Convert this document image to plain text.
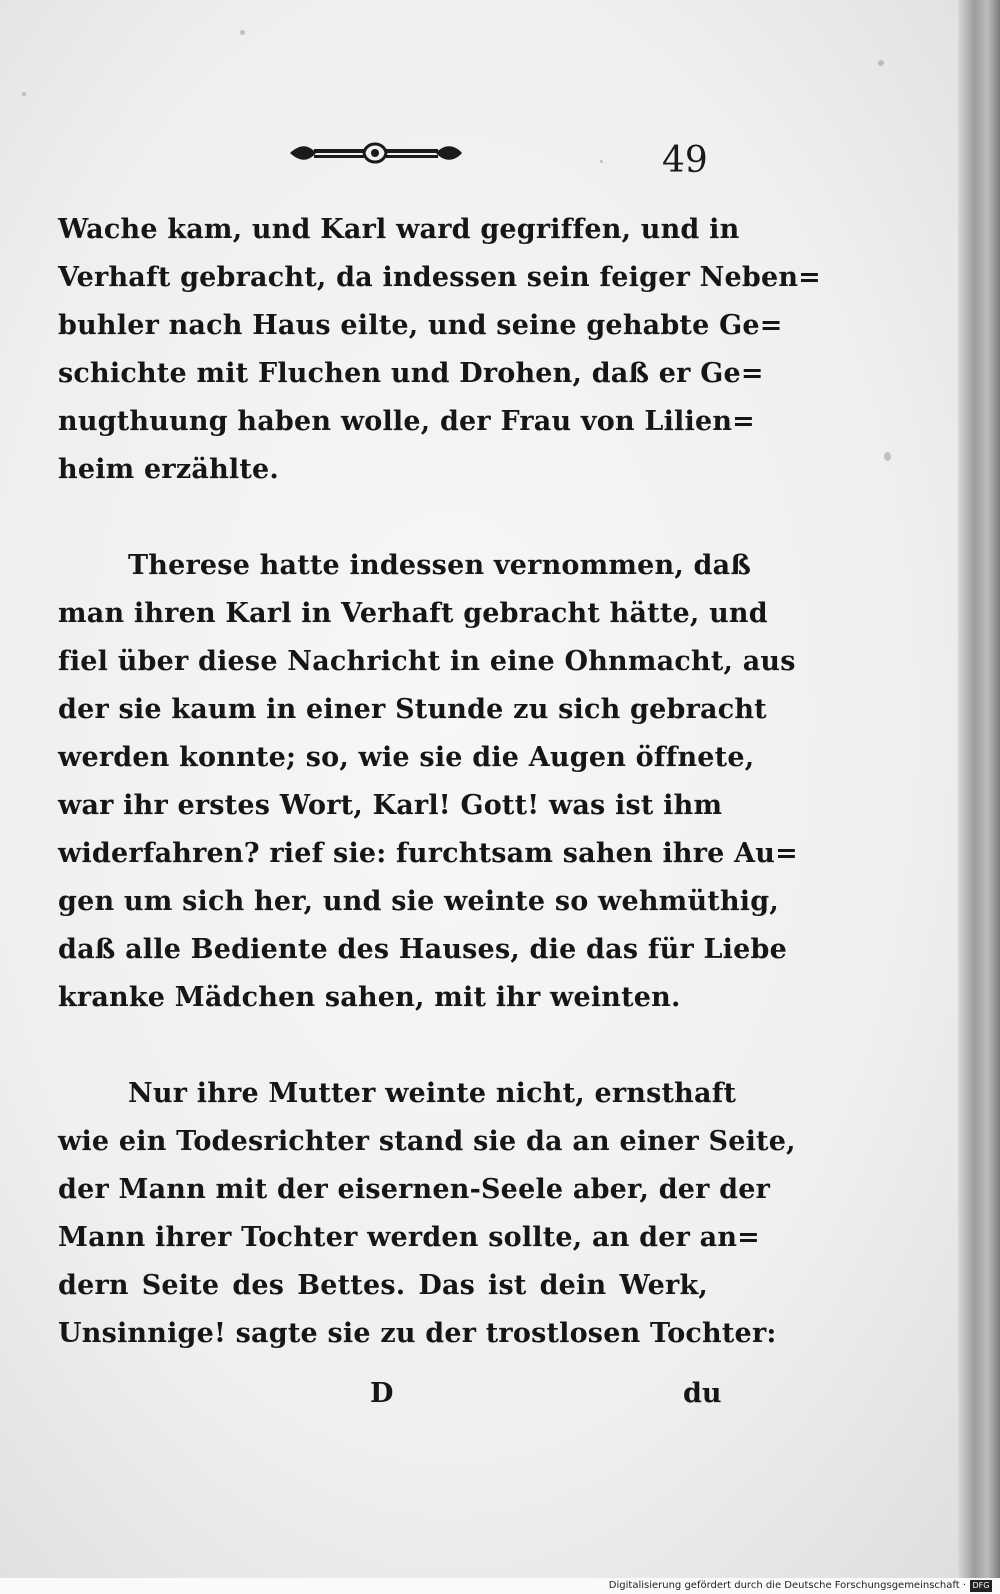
49
Wache kam, und Karl ward gegriffen, und in
Verhaft gebracht, da indessen sein feiger Neben=
buhler nach Haus eilte, und seine gehabte Ge=
schichte mit Fluchen und Drohen, daß er Ge=
nugthuung haben wolle, der Frau von Lilien=
heim erzählte.
Therese hatte indessen vernommen, daß
man ihren Karl in Verhaft gebracht hätte, und
fiel über diese Nachricht in eine Ohnmacht, aus
der sie kaum in einer Stunde zu sich gebracht
werden konnte; so, wie sie die Augen öffnete,
war ihr erstes Wort, Karl! Gott! was ist ihm
widerfahren? rief sie: furchtsam sahen ihre Au=
gen um sich her, und sie weinte so wehmüthig,
daß alle Bediente des Hauses, die das für Liebe
kranke Mädchen sahen, mit ihr weinten.
Nur ihre Mutter weinte nicht, ernsthaft
wie ein Todesrichter stand sie da an einer Seite,
der Mann mit der eisernen-Seele aber, der der
Mann ihrer Tochter werden sollte, an der an=
dern Seite des Bettes. Das ist dein Werk,
Unsinnige! sagte sie zu der trostlosen Tochter:
D	du
Digitalisierung gefördert durch die Deutsche Forschungsgemeinschaft · DFG
